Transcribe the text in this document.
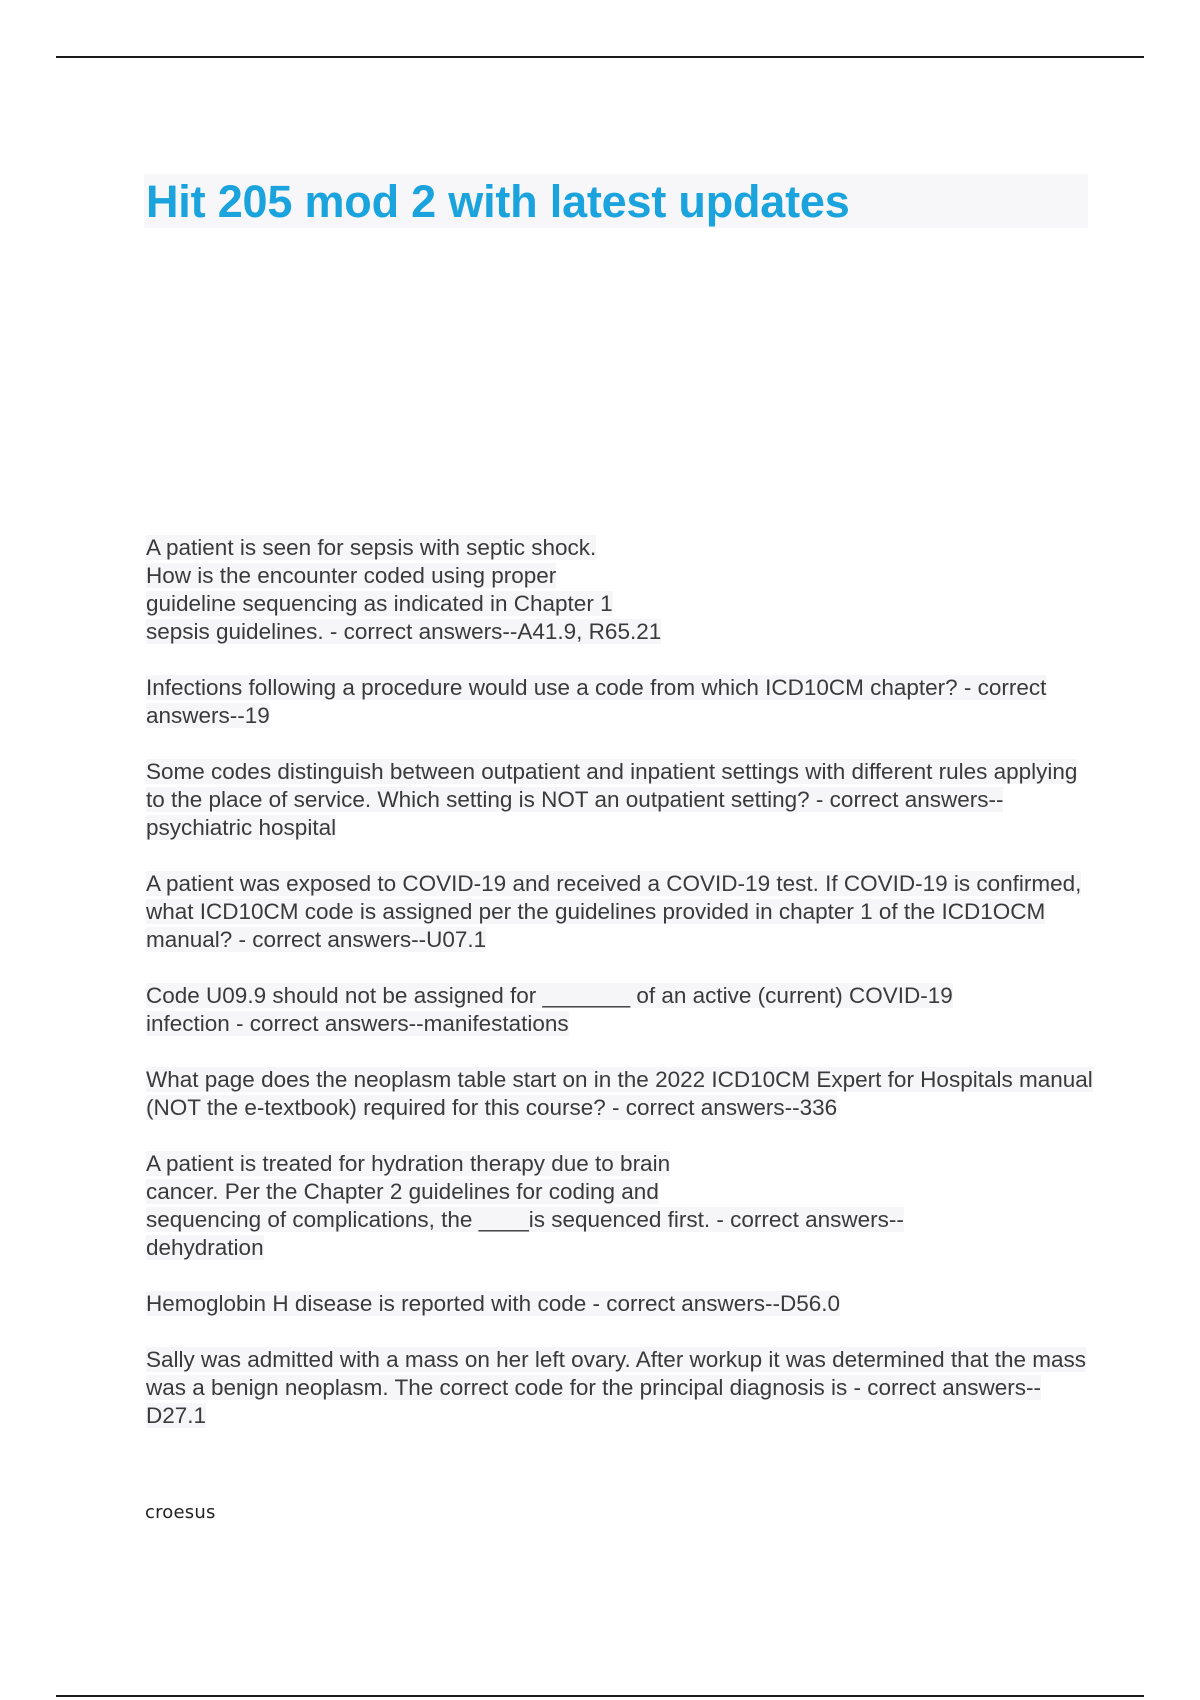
Hit 205 mod 2 with latest updates

A patient is seen for sepsis with septic shock.
How is the encounter coded using proper
guideline sequencing as indicated in Chapter 1
sepsis guidelines. - correct answers--A41.9, R65.21

Infections following a procedure would use a code from which ICD10CM chapter? - correct answers--19

Some codes distinguish between outpatient and inpatient settings with different rules applying to the place of service. Which setting is NOT an outpatient setting? - correct answers--psychiatric hospital

A patient was exposed to COVID-19 and received a COVID-19 test. If COVID-19 is confirmed, what ICD10CM code is assigned per the guidelines provided in chapter 1 of the ICD1OCM manual? - correct answers--U07.1

Code U09.9 should not be assigned for _______ of an active (current) COVID-19 infection - correct answers--manifestations

What page does the neoplasm table start on in the 2022 ICD10CM Expert for Hospitals manual (NOT the e-textbook) required for this course? - correct answers--336

A patient is treated for hydration therapy due to brain
cancer. Per the Chapter 2 guidelines for coding and
sequencing of complications, the ____is sequenced first. - correct answers--dehydration

Hemoglobin H disease is reported with code - correct answers--D56.0

Sally was admitted with a mass on her left ovary. After workup it was determined that the mass was a benign neoplasm. The correct code for the principal diagnosis is - correct answers--D27.1

croesus
